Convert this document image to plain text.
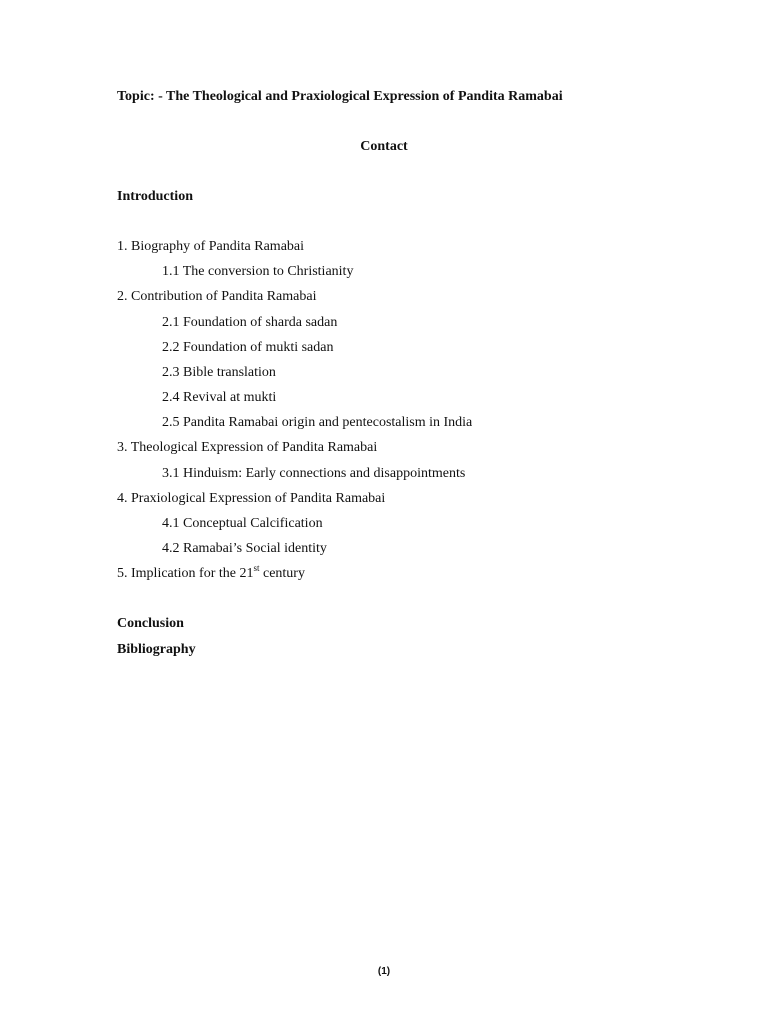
Topic: - The Theological and Praxiological Expression of Pandita Ramabai
Contact
Introduction
1. Biography of Pandita Ramabai
1.1 The conversion to Christianity
2. Contribution of Pandita Ramabai
2.1 Foundation of sharda sadan
2.2 Foundation of mukti sadan
2.3 Bible translation
2.4 Revival at mukti
2.5 Pandita Ramabai origin and pentecostalism in India
3. Theological Expression of Pandita Ramabai
3.1 Hinduism: Early connections and disappointments
4. Praxiological Expression of Pandita Ramabai
4.1 Conceptual Calcification
4.2 Ramabai’s Social identity
5. Implication for the 21st century
Conclusion
Bibliography
(1)
